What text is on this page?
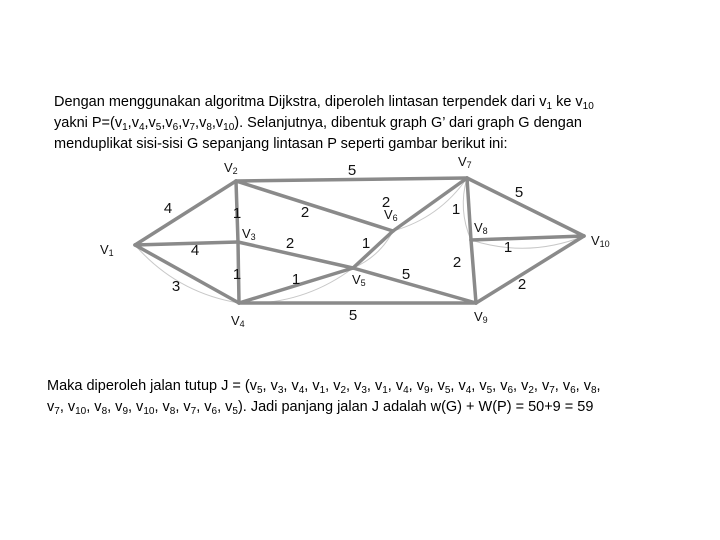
Dengan menggunakan algoritma Dijkstra, diperoleh lintasan terpendek dari $v_1$ ke $v_{10}$
yakni $P=(v_1,v_4,v_5,v_6,v_7,v_8,v_{10})$. Selanjutnya, dibentuk graph G’ dari graph G dengan
menduplikat sisi-sisi G sepanjang lintasan P seperti gambar berikut ini:
4
4
3
1	2
5
1
2
1
5
1
5
2	1
5
2
1
2
V1
V2
V3
V4
V5
V6
V7
V8
V9
V10
Maka diperoleh jalan tutup $J = (v_5$, $v_3$, $v_4$, $v_1$, $v_2$, $v_3$, $v_1$, $v_4$, $v_9$, $v_5$, $v_4$, $v_5$, $v_6$, $v_2$, $v_7$, $v_6$, $v_8$,
$v_7$, $v_{10}$, $v_8$, $v_9$, $v_{10}$, $v_8$, $v_7$, $v_6$, $v_5$). Jadi panjang jalan J adalah w(G) + W(P) = 50+9 = 59
